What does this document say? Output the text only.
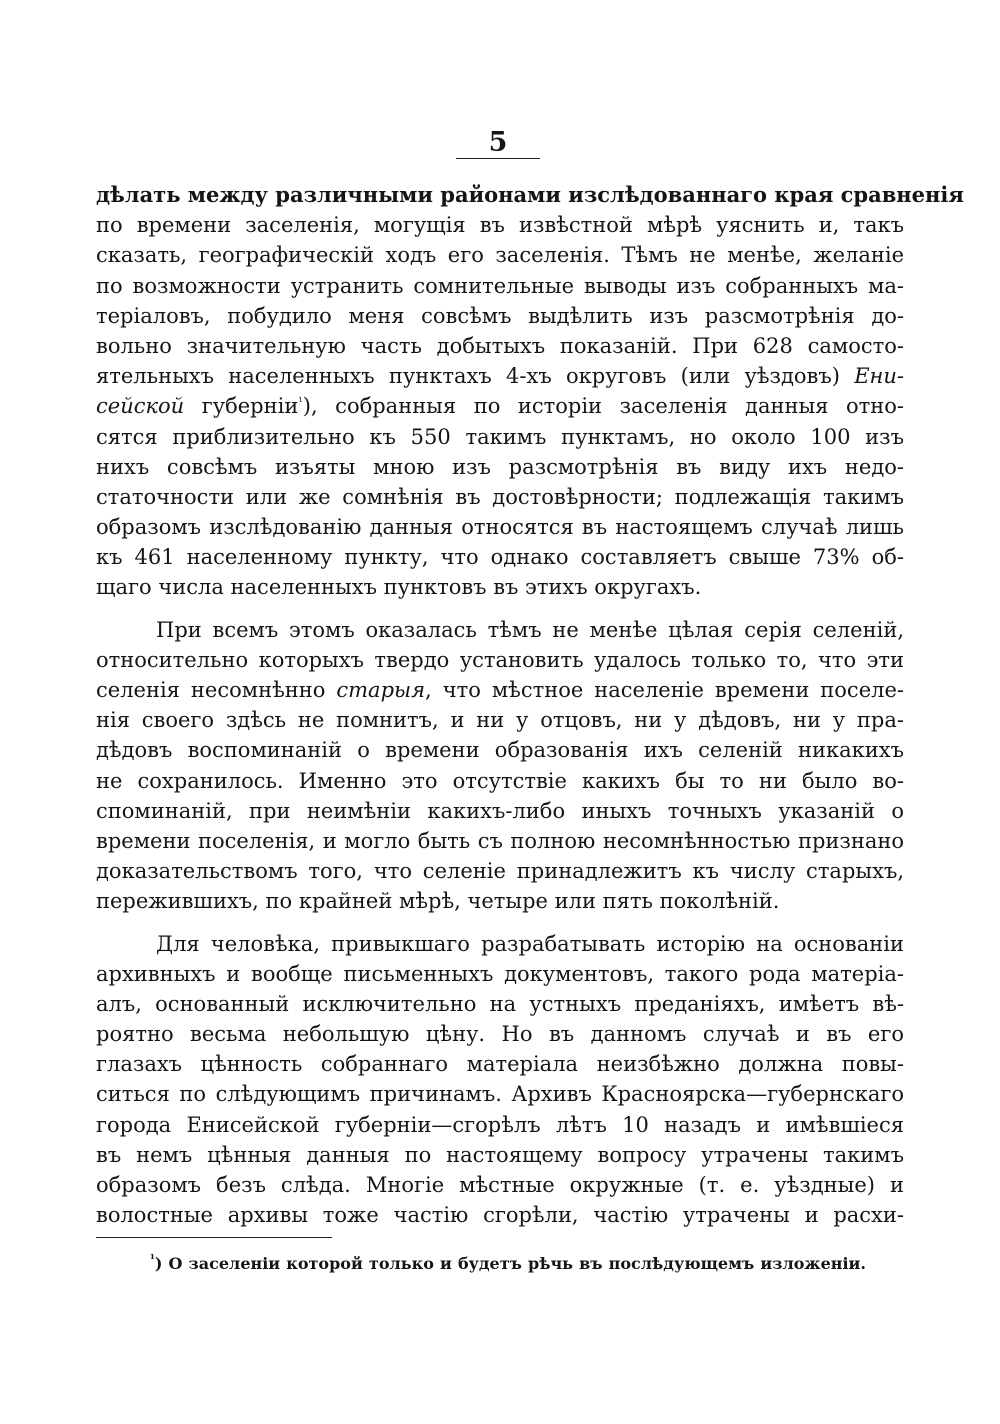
5
дѣлать между различными районами изслѣдованнаго края сравненія
по времени заселенія, могущія въ извѣстной мѣрѣ уяснить и, такъ
сказать, географическій ходъ его заселенія. Тѣмъ не менѣе, желаніе
по возможности устранить сомнительные выводы изъ собранныхъ ма-
теріаловъ, побудило меня совсѣмъ выдѣлить изъ разсмотрѣнія до-
вольно значительную часть добытыхъ показаній. При 628 самосто-
ятельныхъ населенныхъ пунктахъ 4-хъ округовъ (или уѣздовъ) Ени-
сейской губерніи$^{^1}$), собранныя по исторіи заселенія данныя отно-
сятся приблизительно къ 550 такимъ пунктамъ, но около 100 изъ
нихъ совсѣмъ изъяты мною изъ разсмотрѣнія въ виду ихъ недо-
статочности или же сомнѣнія въ достовѣрности; подлежащія такимъ
образомъ изслѣдованію данныя относятся въ настоящемъ случаѣ лишь
къ 461 населенному пункту, что однако составляетъ свыше 73% об-
щаго числа населенныхъ пунктовъ въ этихъ округахъ.
При всемъ этомъ оказалась тѣмъ не менѣе цѣлая серія селеній,
относительно которыхъ твердо установить удалось только то, что эти
селенія несомнѣнно старыя, что мѣстное населеніе времени поселе-
нія своего здѣсь не помнитъ, и ни у отцовъ, ни у дѣдовъ, ни у пра-
дѣдовъ воспоминаній о времени образованія ихъ селеній никакихъ
не сохранилось. Именно это отсутствіе какихъ бы то ни было во-
споминаній, при неимѣніи какихъ-либо иныхъ точныхъ указаній о
времени поселенія, и могло быть съ полною несомнѣнностью признано
доказательствомъ того, что селеніе принадлежитъ къ числу старыхъ,
пережившихъ, по крайней мѣрѣ, четыре или пять поколѣній.
Для человѣка, привыкшаго разрабатывать исторію на основаніи
архивныхъ и вообще письменныхъ документовъ, такого рода матеріа-
алъ, основанный исключительно на устныхъ преданіяхъ, имѣетъ вѣ-
роятно весьма небольшую цѣну. Но въ данномъ случаѣ и въ его
глазахъ цѣнность собраннаго матеріала неизбѣжно должна повы-
ситься по слѣдующимъ причинамъ. Архивъ Красноярска—губернскаго
города Енисейской губерніи—сгорѣлъ лѣтъ 10 назадъ и имѣвшіеся
въ немъ цѣнныя данныя по настоящему вопросу утрачены такимъ
образомъ безъ слѣда. Многіе мѣстные окружные (т. е. уѣздные) и
волостные архивы тоже частію сгорѣли, частію утрачены и расхи-
$^{^1}$) О заселеніи которой только и будетъ рѣчь въ послѣдующемъ изложеніи.
